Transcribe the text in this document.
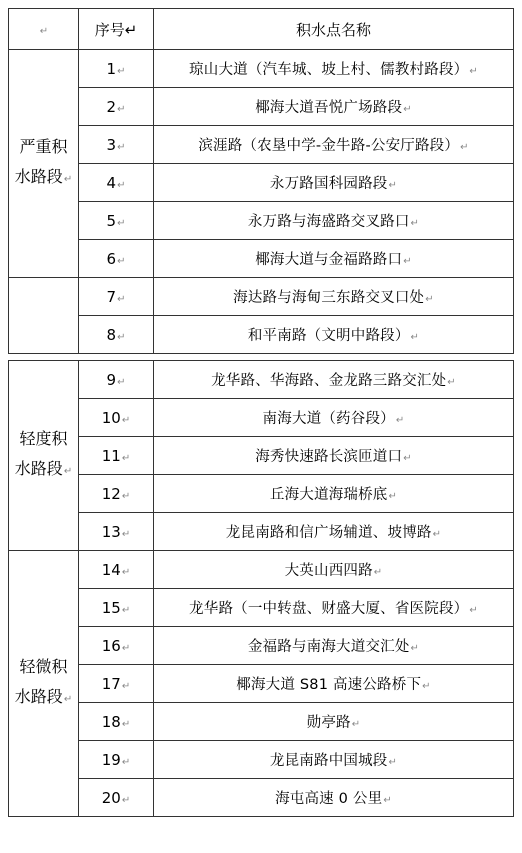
↵	序号↵	积水点名称

严重积
水路段↵	1↵	琼山大道（汽车城、坡上村、儒教村路段）↵
	2↵	椰海大道吾悦广场路段↵
	3↵	滨涯路（农垦中学-金牛路-公安厅路段）↵
	4↵	永万路国科园路段↵
	5↵	永万路与海盛路交叉路口↵
	6↵	椰海大道与金福路路口↵
	7↵	海达路与海甸三东路交叉口处↵
	8↵	和平南路（文明中路段）↵

轻度积
水路段↵	9↵	龙华路、华海路、金龙路三路交汇处↵
	10↵	南海大道（药谷段）↵
	11↵	海秀快速路长滨匝道口↵
	12↵	丘海大道海瑞桥底↵
	13↵	龙昆南路和信广场辅道、坡博路↵

轻微积
水路段↵	14↵	大英山西四路↵
	15↵	龙华路（一中转盘、财盛大厦、省医院段）↵
	16↵	金福路与南海大道交汇处↵
	17↵	椰海大道 S81 高速公路桥下↵
	18↵	勋亭路↵
	19↵	龙昆南路中国城段↵
	20↵	海屯高速 0 公里↵
